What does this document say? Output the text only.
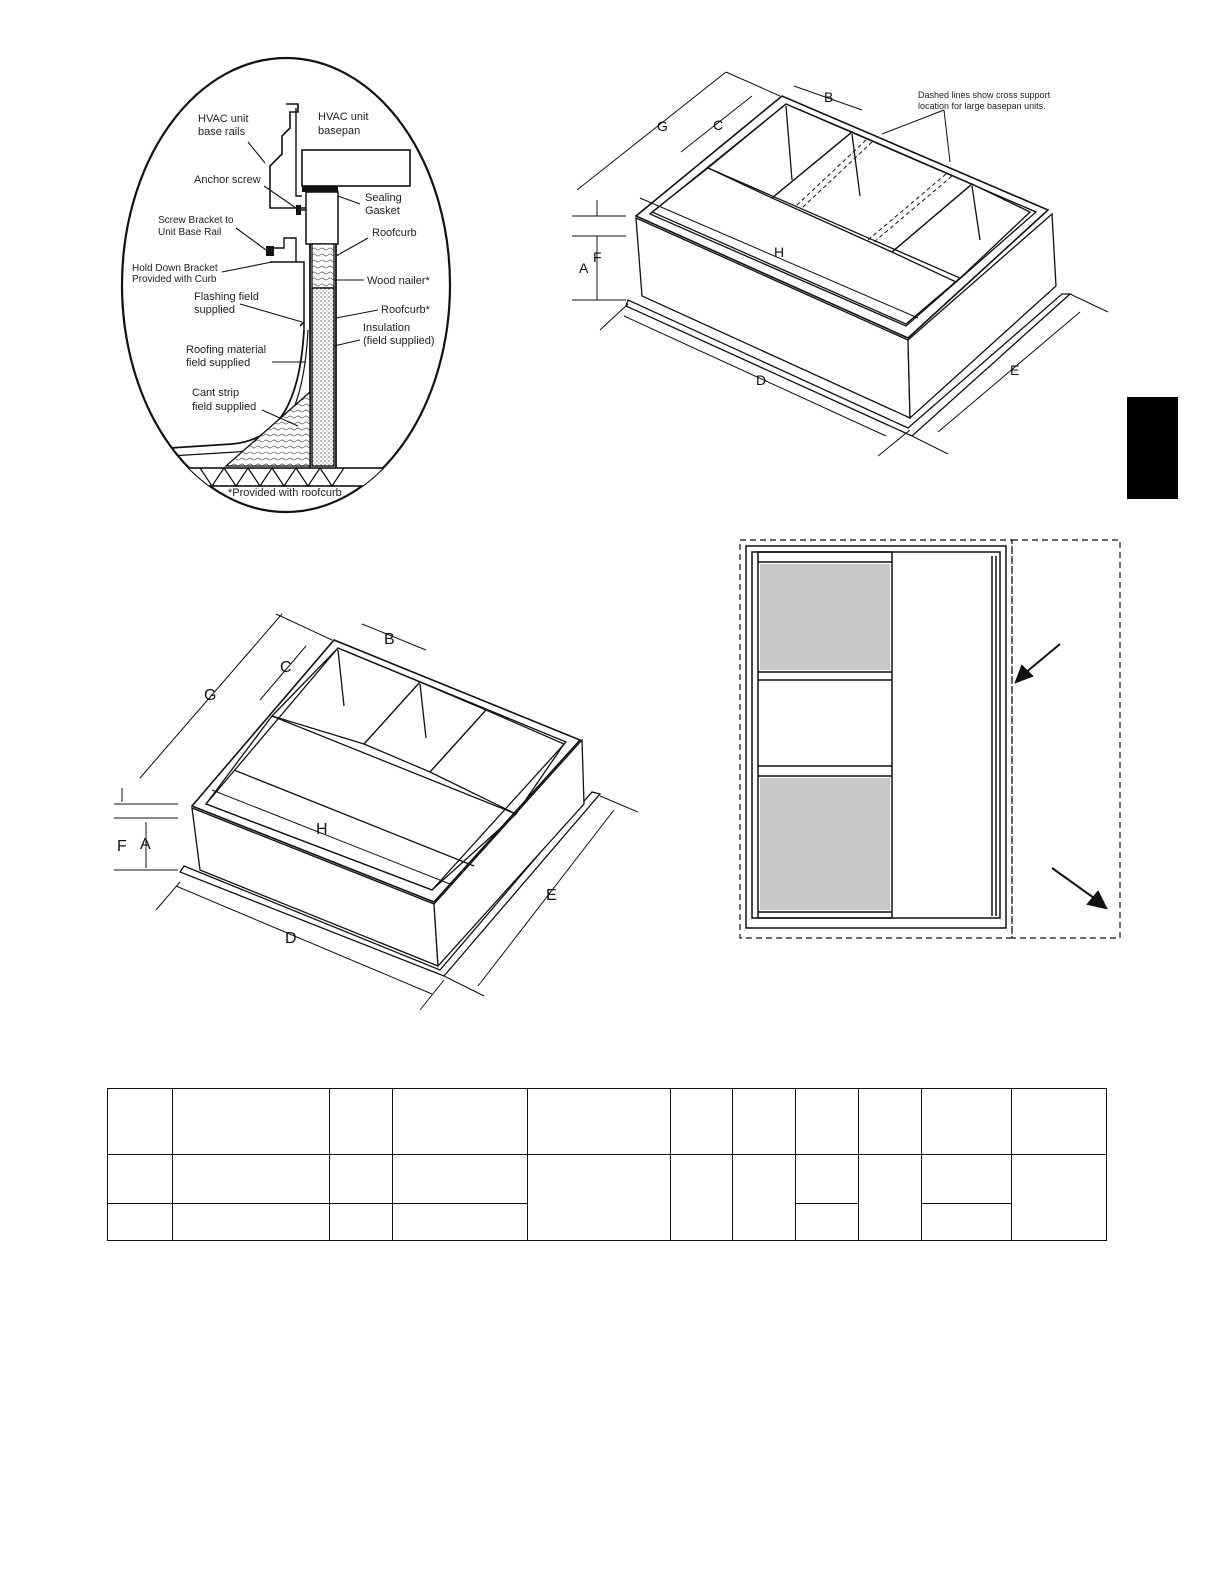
HVAC unit base rails
HVAC unit basepan
Anchor screw
Sealing Gasket
Screw Bracket to Unit Base Rail	Roofcurb
Hold Down Bracket Provided with Curb	Wood nailer*
Flashing field supplied	Roofcurb*
Insulation (field supplied)
Roofing material field supplied
Cant strip field supplied
*Provided with roofcurb
G	C
B
H
F
A
D
E
Dashed lines show cross support location for large basepan units.
G
C
B
H
F A
D
E
